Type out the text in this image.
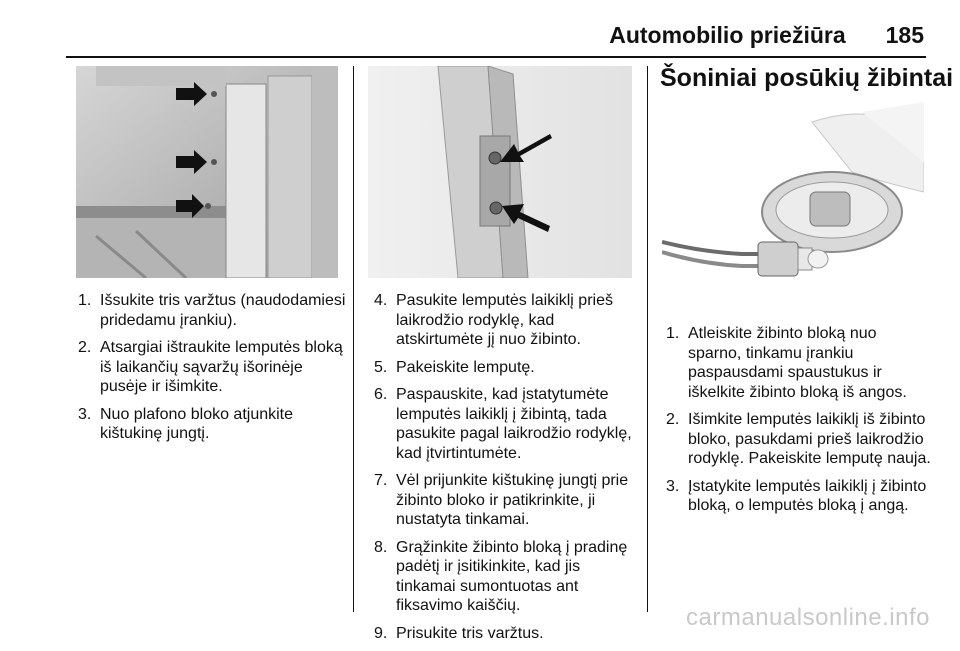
Automobilio priežiūra 185
1. Išsukite tris varžtus (naudodamiesi pridedamu įrankiu).
2. Atsargiai ištraukite lemputės bloką iš laikančių sąvaržų išorinėje pusėje ir išimkite.
3. Nuo plafono bloko atjunkite kištukinę jungtį.
4. Pasukite lemputės laikiklį prieš laikrodžio rodyklę, kad atskirtumėte jį nuo žibinto.
5. Pakeiskite lemputę.
6. Paspauskite, kad įstatytumėte lemputės laikiklį į žibintą, tada pasukite pagal laikrodžio rodyklę, kad įtvirtintumėte.
7. Vėl prijunkite kištukinę jungtį prie žibinto bloko ir patikrinkite, ji nustatyta tinkamai.
8. Grąžinkite žibinto bloką į pradinę padėtį ir įsitikinkite, kad jis tinkamai sumontuotas ant fiksavimo kaiščių.
9. Prisukite tris varžtus.
Šoniniai posūkių žibintai
1. Atleiskite žibinto bloką nuo sparno, tinkamu įrankiu paspausdami spaustukus ir iškelkite žibinto bloką iš angos.
2. Išimkite lemputės laikiklį iš žibinto bloko, pasukdami prieš laikrodžio rodyklę. Pakeiskite lemputę nauja.
3. Įstatykite lemputės laikiklį į žibinto bloką, o lemputės bloką į angą.
carmanualsonline.info
